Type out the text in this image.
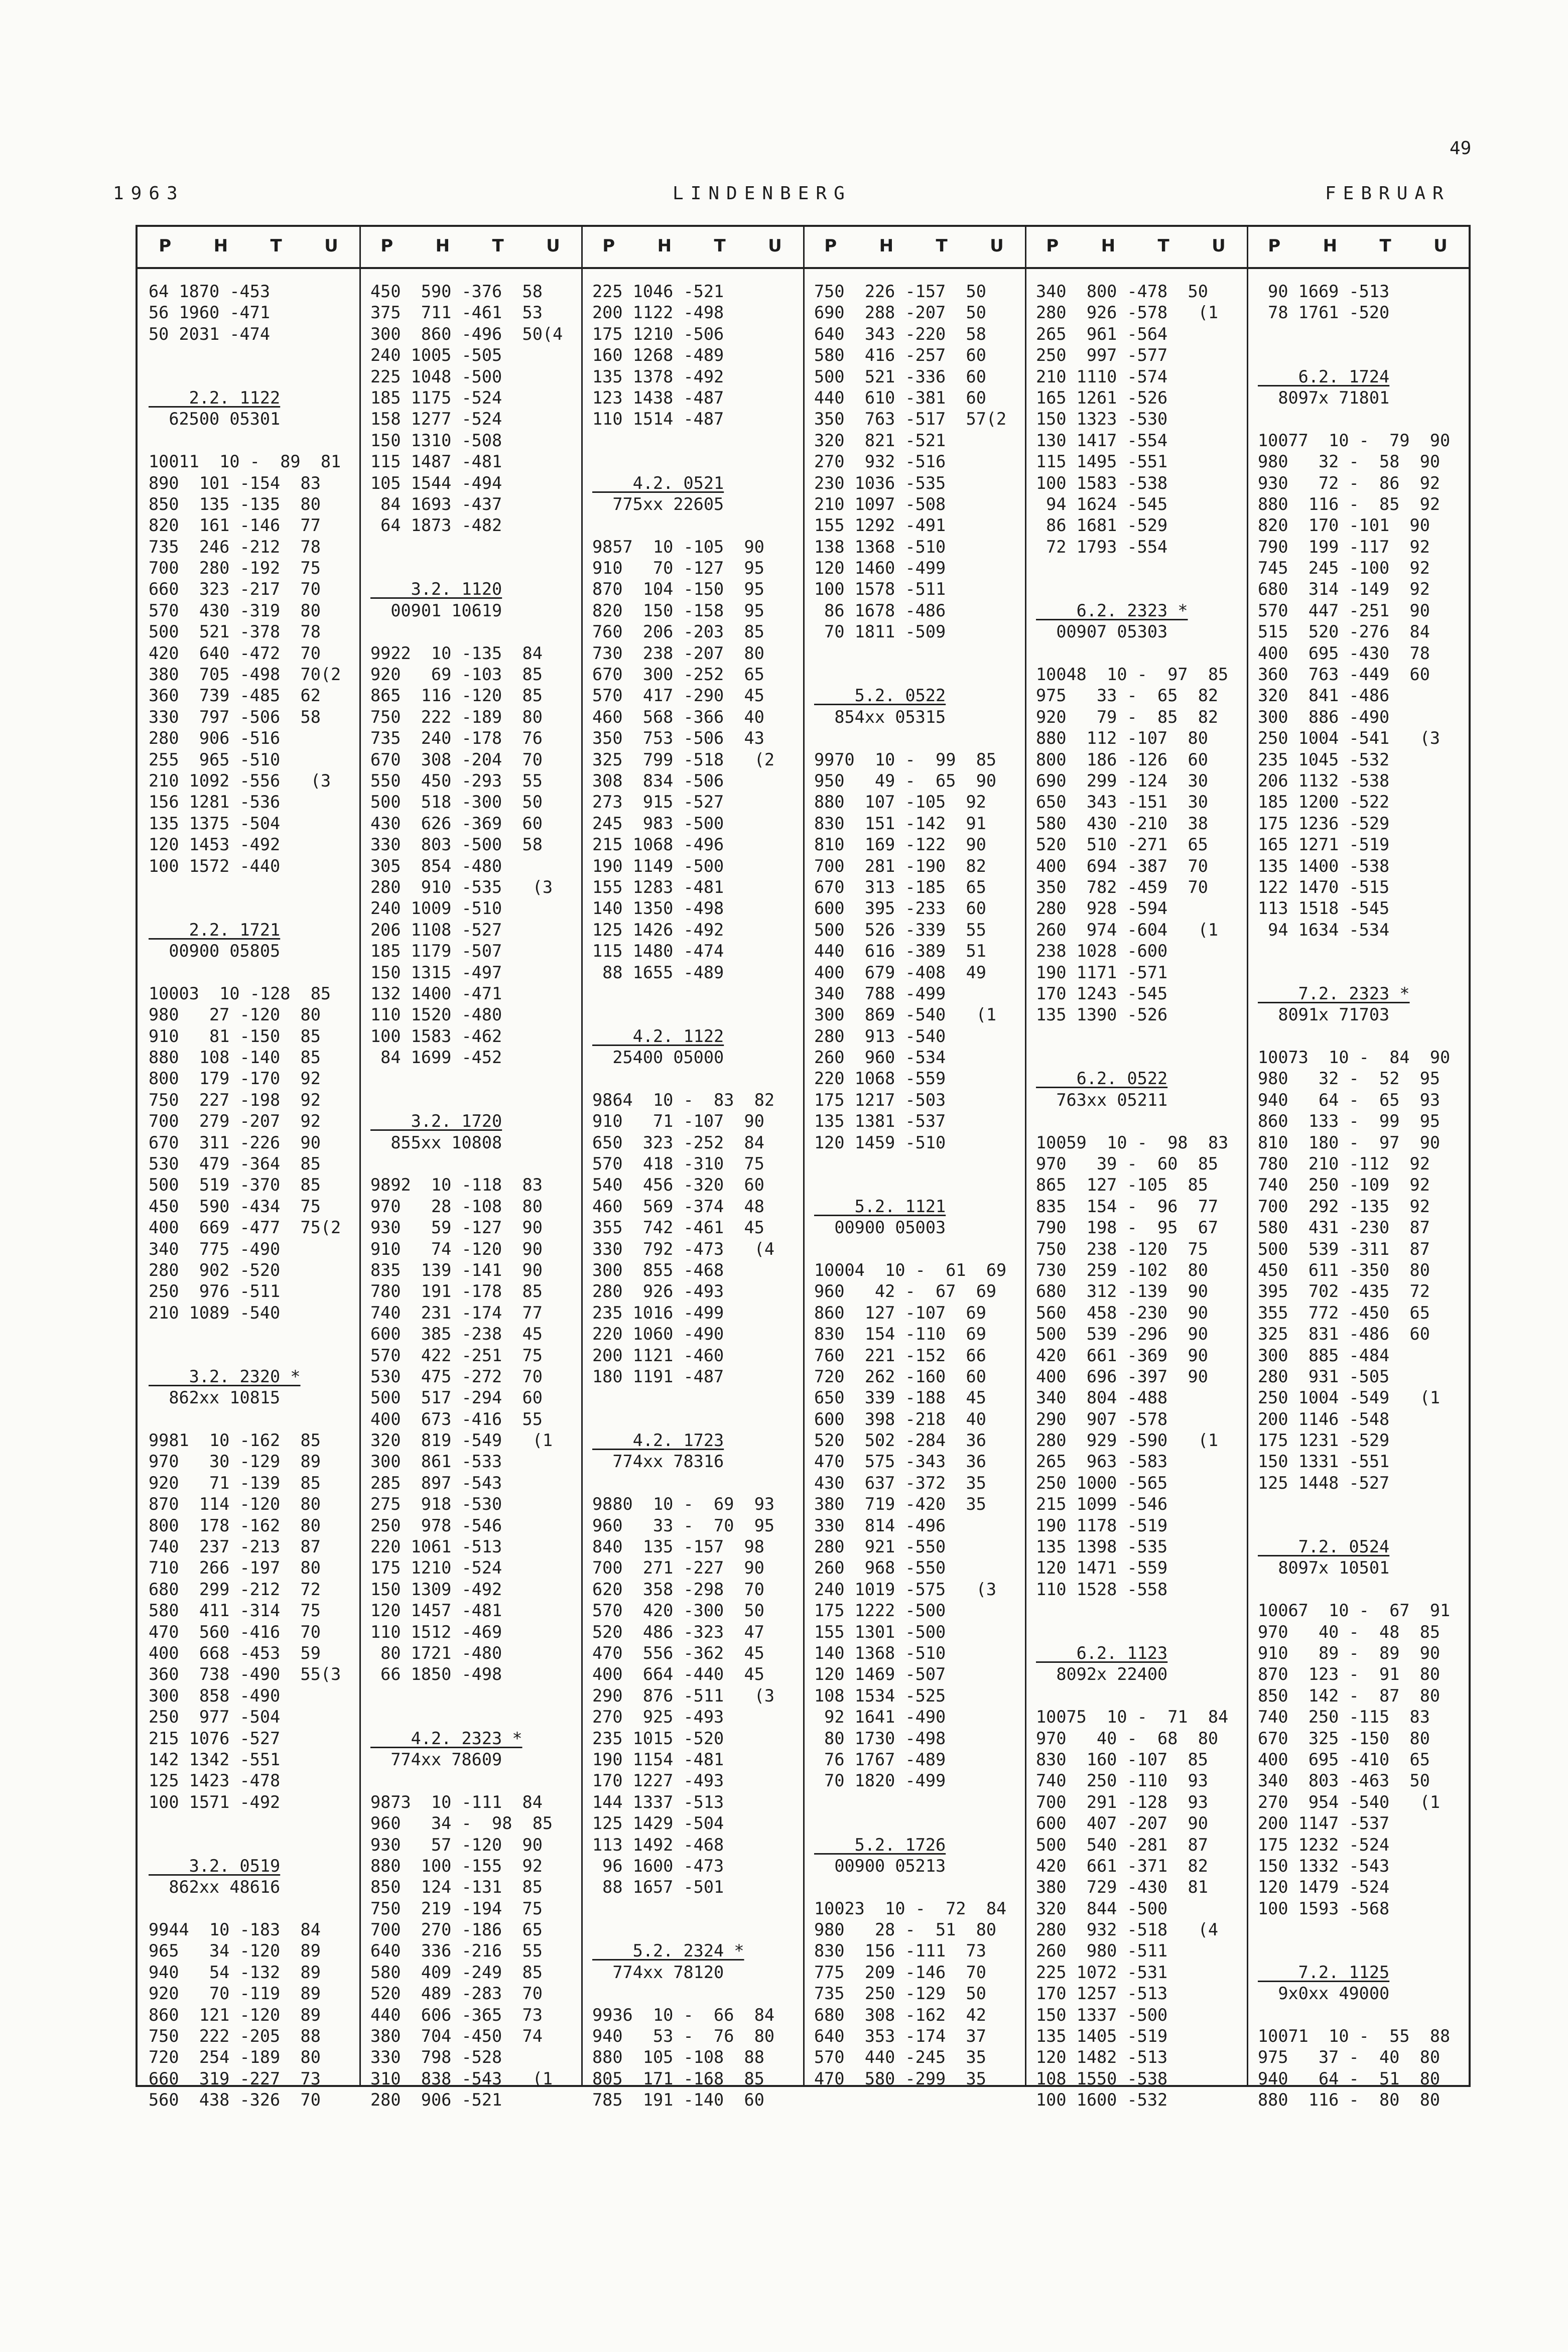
49
1963	LINDENBERG	FEBRUAR
P H T U
64 1870 -453
56 1960 -471
50 2031 -474
2.2. 1122
62500 05301
10011  10 -  89  81
890  101 -154  83
850  135 -135  80
820  161 -146  77
735  246 -212  78
700  280 -192  75
660  323 -217  70
570  430 -319  80
500  521 -378  78
420  640 -472  70
380  705 -498  70(2
360  739 -485  62
330  797 -506  58
280  906 -516
255  965 -510
210 1092 -556   (3
156 1281 -536
135 1375 -504
120 1453 -492
100 1572 -440
2.2. 1721
00900 05805
10003  10 -128  85
980   27 -120  80
910   81 -150  85
880  108 -140  85
800  179 -170  92
750  227 -198  92
700  279 -207  92
670  311 -226  90
530  479 -364  85
500  519 -370  85
450  590 -434  75
400  669 -477  75(2
340  775 -490
280  902 -520
250  976 -511
210 1089 -540
3.2. 2320 *
862xx 10815
9981  10 -162  85
970   30 -129  89
920   71 -139  85
870  114 -120  80
800  178 -162  80
740  237 -213  87
710  266 -197  80
680  299 -212  72
580  411 -314  75
470  560 -416  70
400  668 -453  59
360  738 -490  55(3
300  858 -490
250  977 -504
215 1076 -527
142 1342 -551
125 1423 -478
100 1571 -492
3.2. 0519
862xx 48616
9944  10 -183  84
965   34 -120  89
940   54 -132  89
920   70 -119  89
860  121 -120  89
750  222 -205  88
720  254 -189  80
660  319 -227  73
560  438 -326  70
P H T U
450  590 -376  58
375  711 -461  53
300  860 -496  50(4
240 1005 -505
225 1048 -500
185 1175 -524
158 1277 -524
150 1310 -508
115 1487 -481
105 1544 -494
84 1693 -437
64 1873 -482
3.2. 1120
00901 10619
9922  10 -135  84
920   69 -103  85
865  116 -120  85
750  222 -189  80
735  240 -178  76
670  308 -204  70
550  450 -293  55
500  518 -300  50
430  626 -369  60
330  803 -500  58
305  854 -480
280  910 -535   (3
240 1009 -510
206 1108 -527
185 1179 -507
150 1315 -497
132 1400 -471
110 1520 -480
100 1583 -462
84 1699 -452
3.2. 1720
855xx 10808
9892  10 -118  83
970   28 -108  80
930   59 -127  90
910   74 -120  90
835  139 -141  90
780  191 -178  85
740  231 -174  77
600  385 -238  45
570  422 -251  75
530  475 -272  70
500  517 -294  60
400  673 -416  55
320  819 -549   (1
300  861 -533
285  897 -543
275  918 -530
250  978 -546
220 1061 -513
175 1210 -524
150 1309 -492
120 1457 -481
110 1512 -469
80 1721 -480
66 1850 -498
4.2. 2323 *
774xx 78609
9873  10 -111  84
960   34 -  98  85
930   57 -120  90
880  100 -155  92
850  124 -131  85
750  219 -194  75
700  270 -186  65
640  336 -216  55
580  409 -249  85
520  489 -283  70
440  606 -365  73
380  704 -450  74
330  798 -528
310  838 -543   (1
280  906 -521
P H T U
225 1046 -521
200 1122 -498
175 1210 -506
160 1268 -489
135 1378 -492
123 1438 -487
110 1514 -487
4.2. 0521
775xx 22605
9857  10 -105  90
910   70 -127  95
870  104 -150  95
820  150 -158  95
760  206 -203  85
730  238 -207  80
670  300 -252  65
570  417 -290  45
460  568 -366  40
350  753 -506  43
325  799 -518   (2
308  834 -506
273  915 -527
245  983 -500
215 1068 -496
190 1149 -500
155 1283 -481
140 1350 -498
125 1426 -492
115 1480 -474
88 1655 -489
4.2. 1122
25400 05000
9864  10 -  83  82
910   71 -107  90
650  323 -252  84
570  418 -310  75
540  456 -320  60
460  569 -374  48
355  742 -461  45
330  792 -473   (4
300  855 -468
280  926 -493
235 1016 -499
220 1060 -490
200 1121 -460
180 1191 -487
4.2. 1723
774xx 78316
9880  10 -  69  93
960   33 -  70  95
840  135 -157  98
700  271 -227  90
620  358 -298  70
570  420 -300  50
520  486 -323  47
470  556 -362  45
400  664 -440  45
290  876 -511   (3
270  925 -493
235 1015 -520
190 1154 -481
170 1227 -493
144 1337 -513
125 1429 -504
113 1492 -468
96 1600 -473
88 1657 -501
5.2. 2324 *
774xx 78120
9936  10 -  66  84
940   53 -  76  80
880  105 -108  88
805  171 -168  85
785  191 -140  60
P H T U
750  226 -157  50
690  288 -207  50
640  343 -220  58
580  416 -257  60
500  521 -336  60
440  610 -381  60
350  763 -517  57(2
320  821 -521
270  932 -516
230 1036 -535
210 1097 -508
155 1292 -491
138 1368 -510
120 1460 -499
100 1578 -511
86 1678 -486
70 1811 -509
5.2. 0522
854xx 05315
9970  10 -  99  85
950   49 -  65  90
880  107 -105  92
830  151 -142  91
810  169 -122  90
700  281 -190  82
670  313 -185  65
600  395 -233  60
500  526 -339  55
440  616 -389  51
400  679 -408  49
340  788 -499
300  869 -540   (1
280  913 -540
260  960 -534
220 1068 -559
175 1217 -503
135 1381 -537
120 1459 -510
5.2. 1121
00900 05003
10004  10 -  61  69
960   42 -  67  69
860  127 -107  69
830  154 -110  69
760  221 -152  66
720  262 -160  60
650  339 -188  45
600  398 -218  40
520  502 -284  36
470  575 -343  36
430  637 -372  35
380  719 -420  35
330  814 -496
280  921 -550
260  968 -550
240 1019 -575   (3
175 1222 -500
155 1301 -500
140 1368 -510
120 1469 -507
108 1534 -525
92 1641 -490
80 1730 -498
76 1767 -489
70 1820 -499
5.2. 1726
00900 05213
10023  10 -  72  84
980   28 -  51  80
830  156 -111  73
775  209 -146  70
735  250 -129  50
680  308 -162  42
640  353 -174  37
570  440 -245  35
470  580 -299  35
P H T U
340  800 -478  50
280  926 -578   (1
265  961 -564
250  997 -577
210 1110 -574
165 1261 -526
150 1323 -530
130 1417 -554
115 1495 -551
100 1583 -538
94 1624 -545
86 1681 -529
72 1793 -554
6.2. 2323 *
00907 05303
10048  10 -  97  85
975   33 -  65  82
920   79 -  85  82
880  112 -107  80
800  186 -126  60
690  299 -124  30
650  343 -151  30
580  430 -210  38
520  510 -271  65
400  694 -387  70
350  782 -459  70
280  928 -594
260  974 -604   (1
238 1028 -600
190 1171 -571
170 1243 -545
135 1390 -526
6.2. 0522
763xx 05211
10059  10 -  98  83
970   39 -  60  85
865  127 -105  85
835  154 -  96  77
790  198 -  95  67
750  238 -120  75
730  259 -102  80
680  312 -139  90
560  458 -230  90
500  539 -296  90
420  661 -369  90
400  696 -397  90
340  804 -488
290  907 -578
280  929 -590   (1
265  963 -583
250 1000 -565
215 1099 -546
190 1178 -519
135 1398 -535
120 1471 -559
110 1528 -558
6.2. 1123
8092x 22400
10075  10 -  71  84
970   40 -  68  80
830  160 -107  85
740  250 -110  93
700  291 -128  93
600  407 -207  90
500  540 -281  87
420  661 -371  82
380  729 -430  81
320  844 -500
280  932 -518   (4
260  980 -511
225 1072 -531
170 1257 -513
150 1337 -500
135 1405 -519
120 1482 -513
108 1550 -538
100 1600 -532
P H T U
90 1669 -513
78 1761 -520
6.2. 1724
8097x 71801
10077  10 -  79  90
980   32 -  58  90
930   72 -  86  92
880  116 -  85  92
820  170 -101  90
790  199 -117  92
745  245 -100  92
680  314 -149  92
570  447 -251  90
515  520 -276  84
400  695 -430  78
360  763 -449  60
320  841 -486
300  886 -490
250 1004 -541   (3
235 1045 -532
206 1132 -538
185 1200 -522
175 1236 -529
165 1271 -519
135 1400 -538
122 1470 -515
113 1518 -545
94 1634 -534
7.2. 2323 *
8091x 71703
10073  10 -  84  90
980   32 -  52  95
940   64 -  65  93
860  133 -  99  95
810  180 -  97  90
780  210 -112  92
740  250 -109  92
700  292 -135  92
580  431 -230  87
500  539 -311  87
450  611 -350  80
395  702 -435  72
355  772 -450  65
325  831 -486  60
300  885 -484
280  931 -505
250 1004 -549   (1
200 1146 -548
175 1231 -529
150 1331 -551
125 1448 -527
7.2. 0524
8097x 10501
10067  10 -  67  91
970   40 -  48  85
910   89 -  89  90
870  123 -  91  80
850  142 -  87  80
740  250 -115  83
670  325 -150  80
400  695 -410  65
340  803 -463  50
270  954 -540   (1
200 1147 -537
175 1232 -524
150 1332 -543
120 1479 -524
100 1593 -568
7.2. 1125
9x0xx 49000
10071  10 -  55  88
975   37 -  40  80
940   64 -  51  80
880  116 -  80  80
